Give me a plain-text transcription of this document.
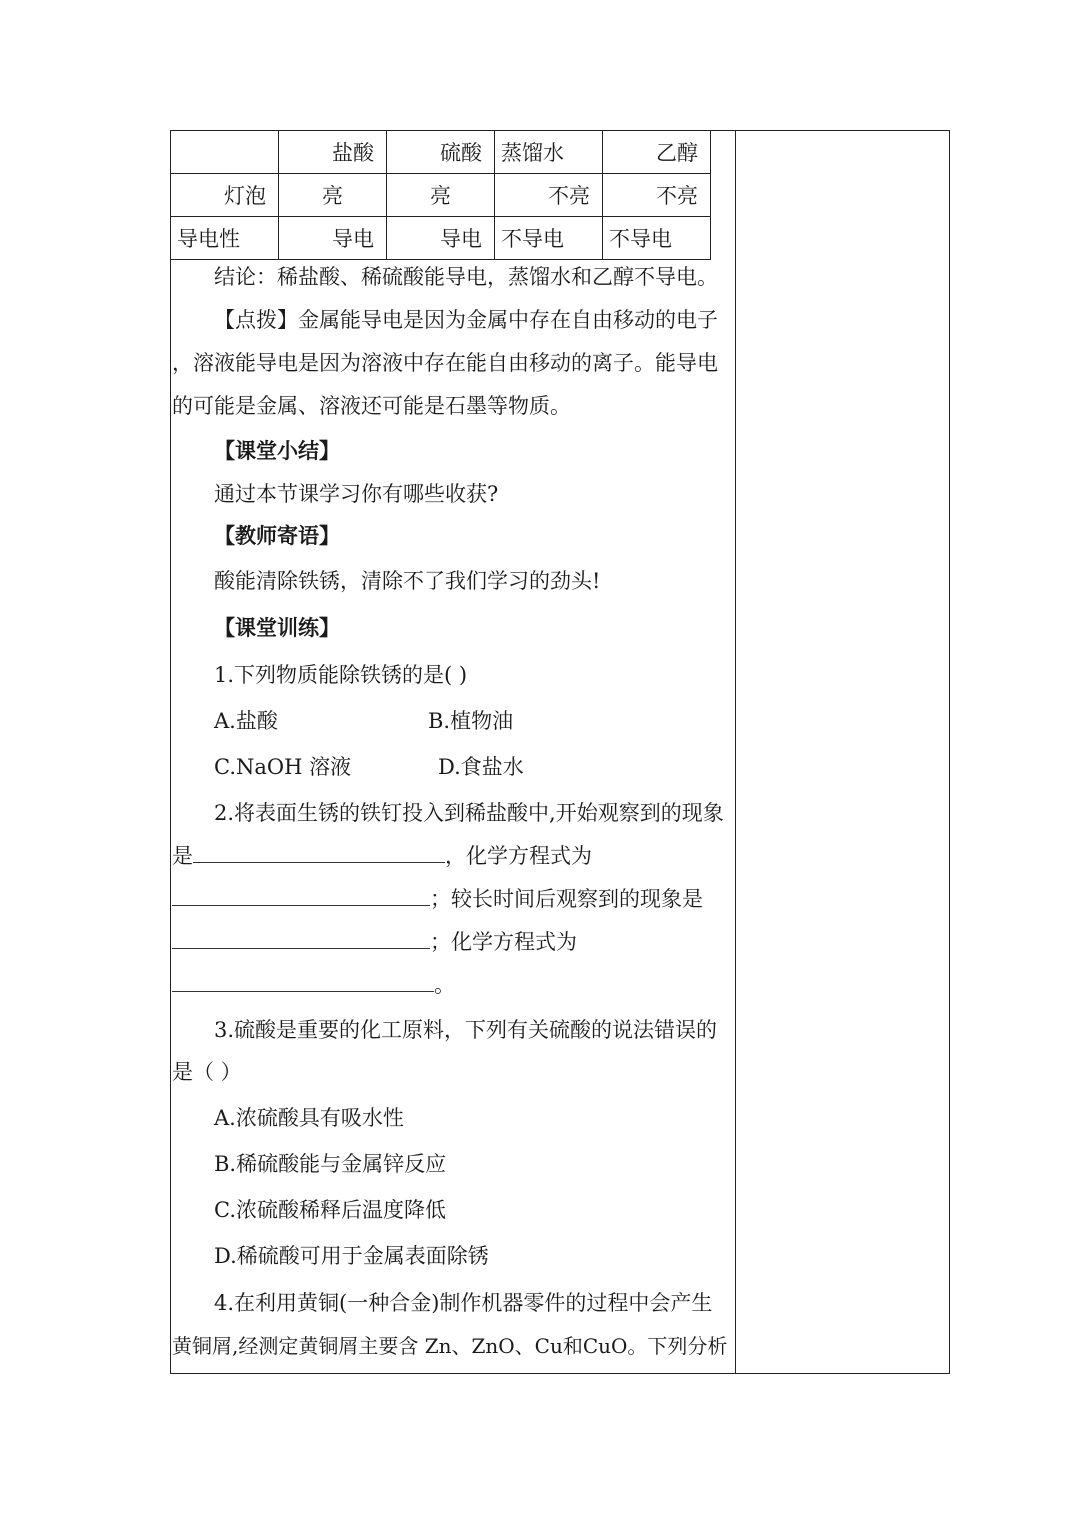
	盐酸	硫酸	蒸馏水	乙醇
灯泡	亮	亮	不亮	不亮
导电性	导电	导电	不导电	不导电
结论：稀盐酸、稀硫酸能导电，蒸馏水和乙醇不导电。
【点拨】金属能导电是因为金属中存在自由移动的电子
，溶液能导电是因为溶液中存在能自由移动的离子。能导电
的可能是金属、溶液还可能是石墨等物质。
【课堂小结】
通过本节课学习你有哪些收获?
【教师寄语】
酸能清除铁锈，清除不了我们学习的劲头!
【课堂训练】
1.下列物质能除铁锈的是( )
A.盐酸	B.植物油
C.NaOH 溶液	D.食盐水
2.将表面生锈的铁钉投入到稀盐酸中,开始观察到的现象
是	，化学方程式为
；较长时间后观察到的现象是
；化学方程式为
。
3.硫酸是重要的化工原料，下列有关硫酸的说法错误的
是（ ）
A.浓硫酸具有吸水性
B.稀硫酸能与金属锌反应
C.浓硫酸稀释后温度降低
D.稀硫酸可用于金属表面除锈
4.在利用黄铜(一种合金)制作机器零件的过程中会产生
黄铜屑,经测定黄铜屑主要含 Zn、ZnO、Cu和CuO。下列分析
